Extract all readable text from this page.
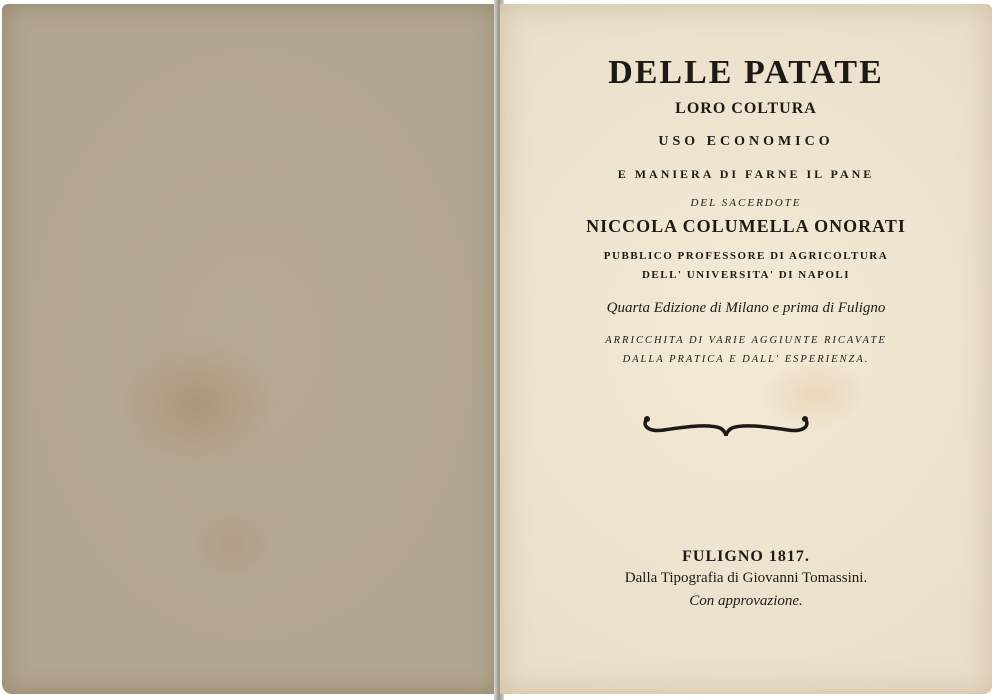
DELLE PATATE

LORO COLTURA

USO ECONOMICO

E MANIERA DI FARNE IL PANE

DEL SACERDOTE

NICCOLA COLUMELLA ONORATI

PUBBLICO PROFESSORE DI AGRICOLTURA

DELL' UNIVERSITA' DI NAPOLI

Quarta Edizione di Milano e prima di Fuligno

ARRICCHITA DI VARIE AGGIUNTE RICAVATE

DALLA PRATICA E DALL' ESPERIENZA.

FULIGNO 1817.

Dalla Tipografia di Giovanni Tomassini.

Con approvazione.
